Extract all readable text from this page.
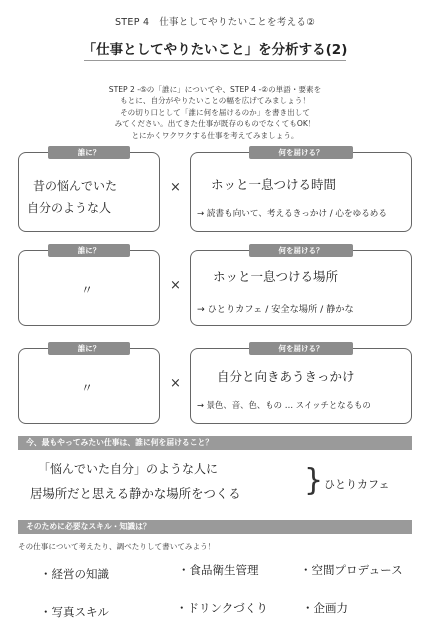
STEP 4　仕事としてやりたいことを考える②
「仕事としてやりたいこと」を分析する(2)
STEP 2 -⑤の「誰に」についてや、STEP 4 -②の単語・要素を
もとに、自分がやりたいことの幅を広げてみましょう！
その切り口として「誰に何を届けるのか」を書き出して
みてください。出てきた仕事が既存のものでなくてもOK！
とにかくワクワクする仕事を考えてみましょう。
誰に？
昔の悩んでいた
自分のような人
×
何を届ける？
ホッと一息つける時間
→ 読書も向いて、考えるきっかけ / 心をゆるめる
誰に？
〃	×
何を届ける？
ホッと一息つける場所
→ ひとりカフェ / 安全な場所 / 静かな
誰に？
〃	×
何を届ける？
自分と向きあうきっかけ
→ 景色、音、色、もの … スイッチとなるもの
今、最もやってみたい仕事は、誰に何を届けること？
「悩んでいた自分」のような人に
居場所だと思える静かな場所をつくる } ひとりカフェ
そのために必要なスキル・知識は？
その仕事について考えたり、調べたりして書いてみよう！
・経営の知識	・食品衛生管理	・空間プロデュース
・写真スキル	・ドリンクづくり	・企画力
